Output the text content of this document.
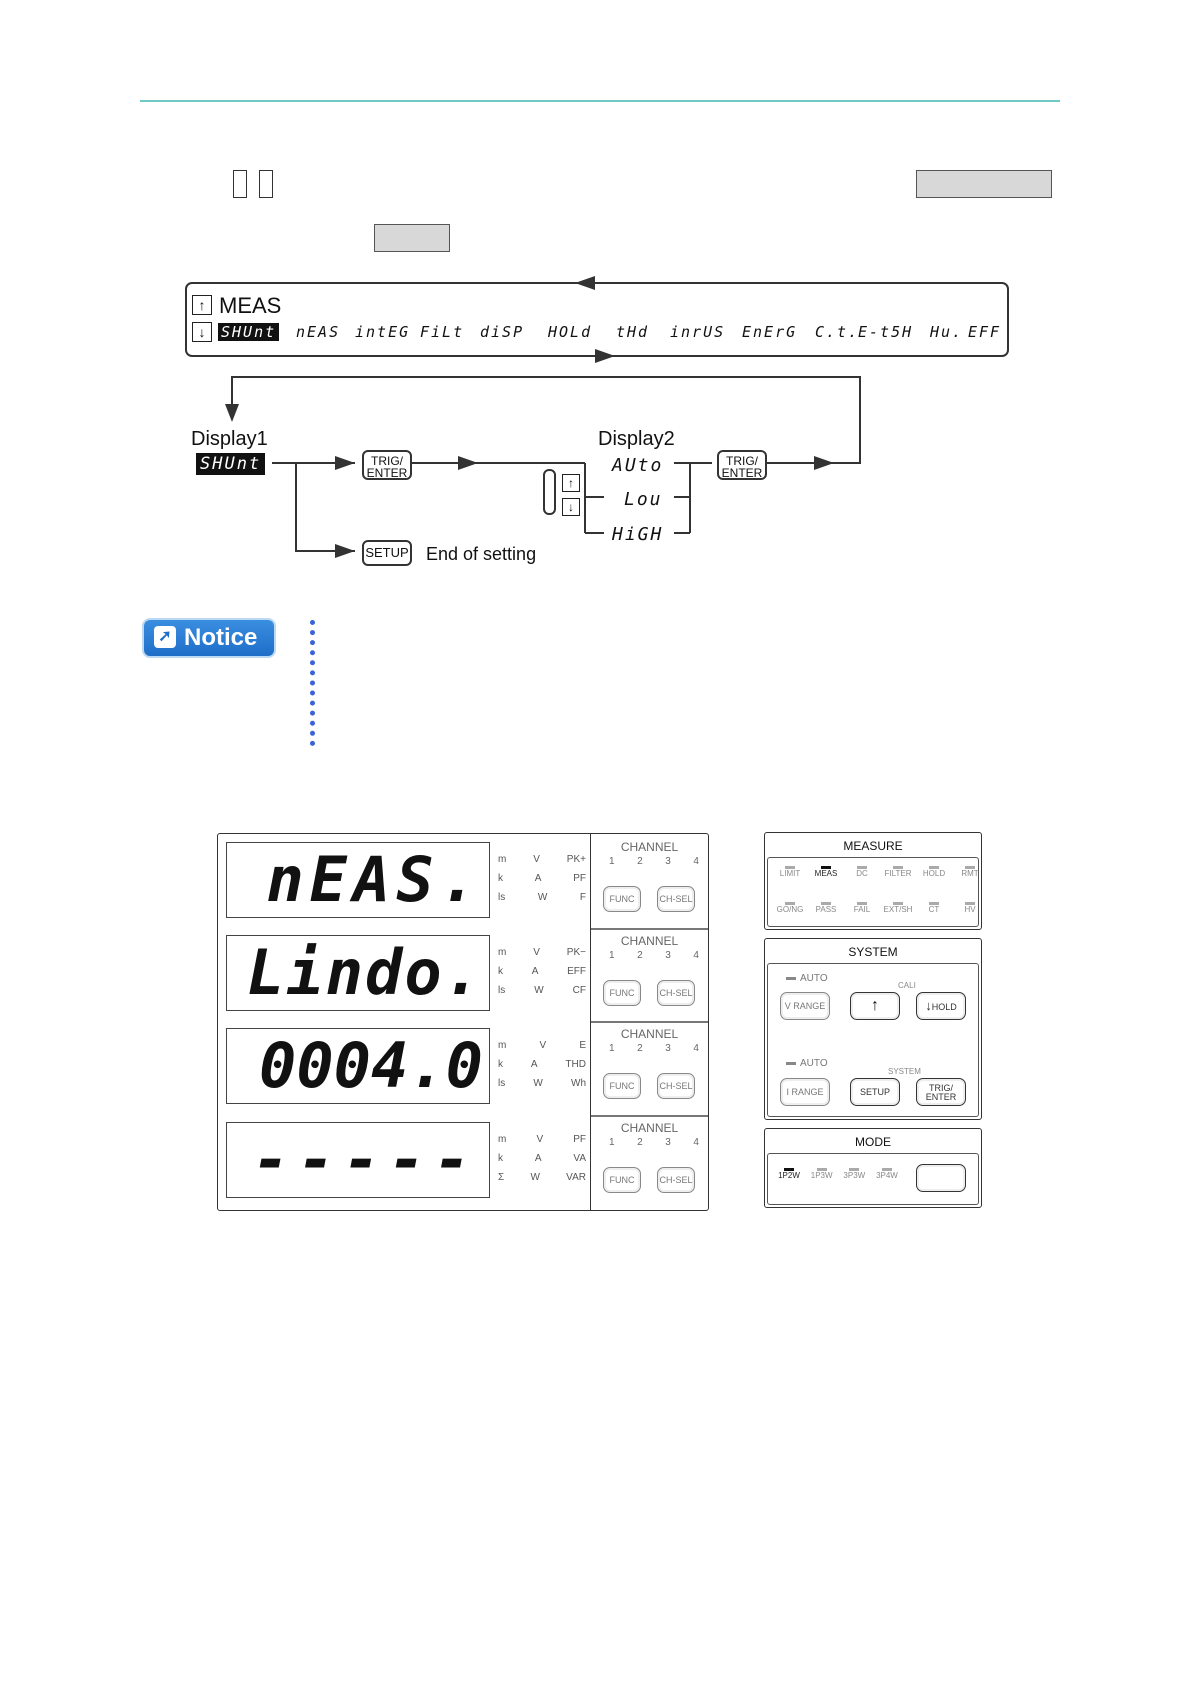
↑
↓
MEAS
SHUnt nEAS intEG FiLt diSP HOLd tHd inrUS EnErG C.t.
E-t5H Hu. EFF
Display1
SHUnt	TRIG/
ENTER
TRIG/
ENTER
Display2
AUto
Lou
HiGH
↑
↓
SETUP End of setting
➚ Notice
nEAS.
Lindo.
0004.0
-----
m	V	PK+
k	A	PF
ls	W	F
m	V	PK−
k	A	EFF
ls	W	CF
m	V	E
k	A	THD
ls	W	Wh
m	V	PF
k	A	VA
Σ	W	VAR
CHANNEL
1 2 3 4
FUNC	CH-SEL
CHANNEL
1 2 3 4
FUNC	CH-SEL
CHANNEL
1 2 3 4
FUNC	CH-SEL
CHANNEL
1 2 3 4
FUNC	CH-SEL
MEASURE
LIMIT	MEAS	DC	FILTER	HOLD	RMT
GO/NG	PASS	FAIL	EXT/SH	CT	HV
SYSTEM
AUTO
CALI
V RANGE	↑	↓HOLD
AUTO
SYSTEM
I RANGE	SETUP	TRIG/
ENTER
MODE
1P2W	1P3W	3P3W	3P4W
